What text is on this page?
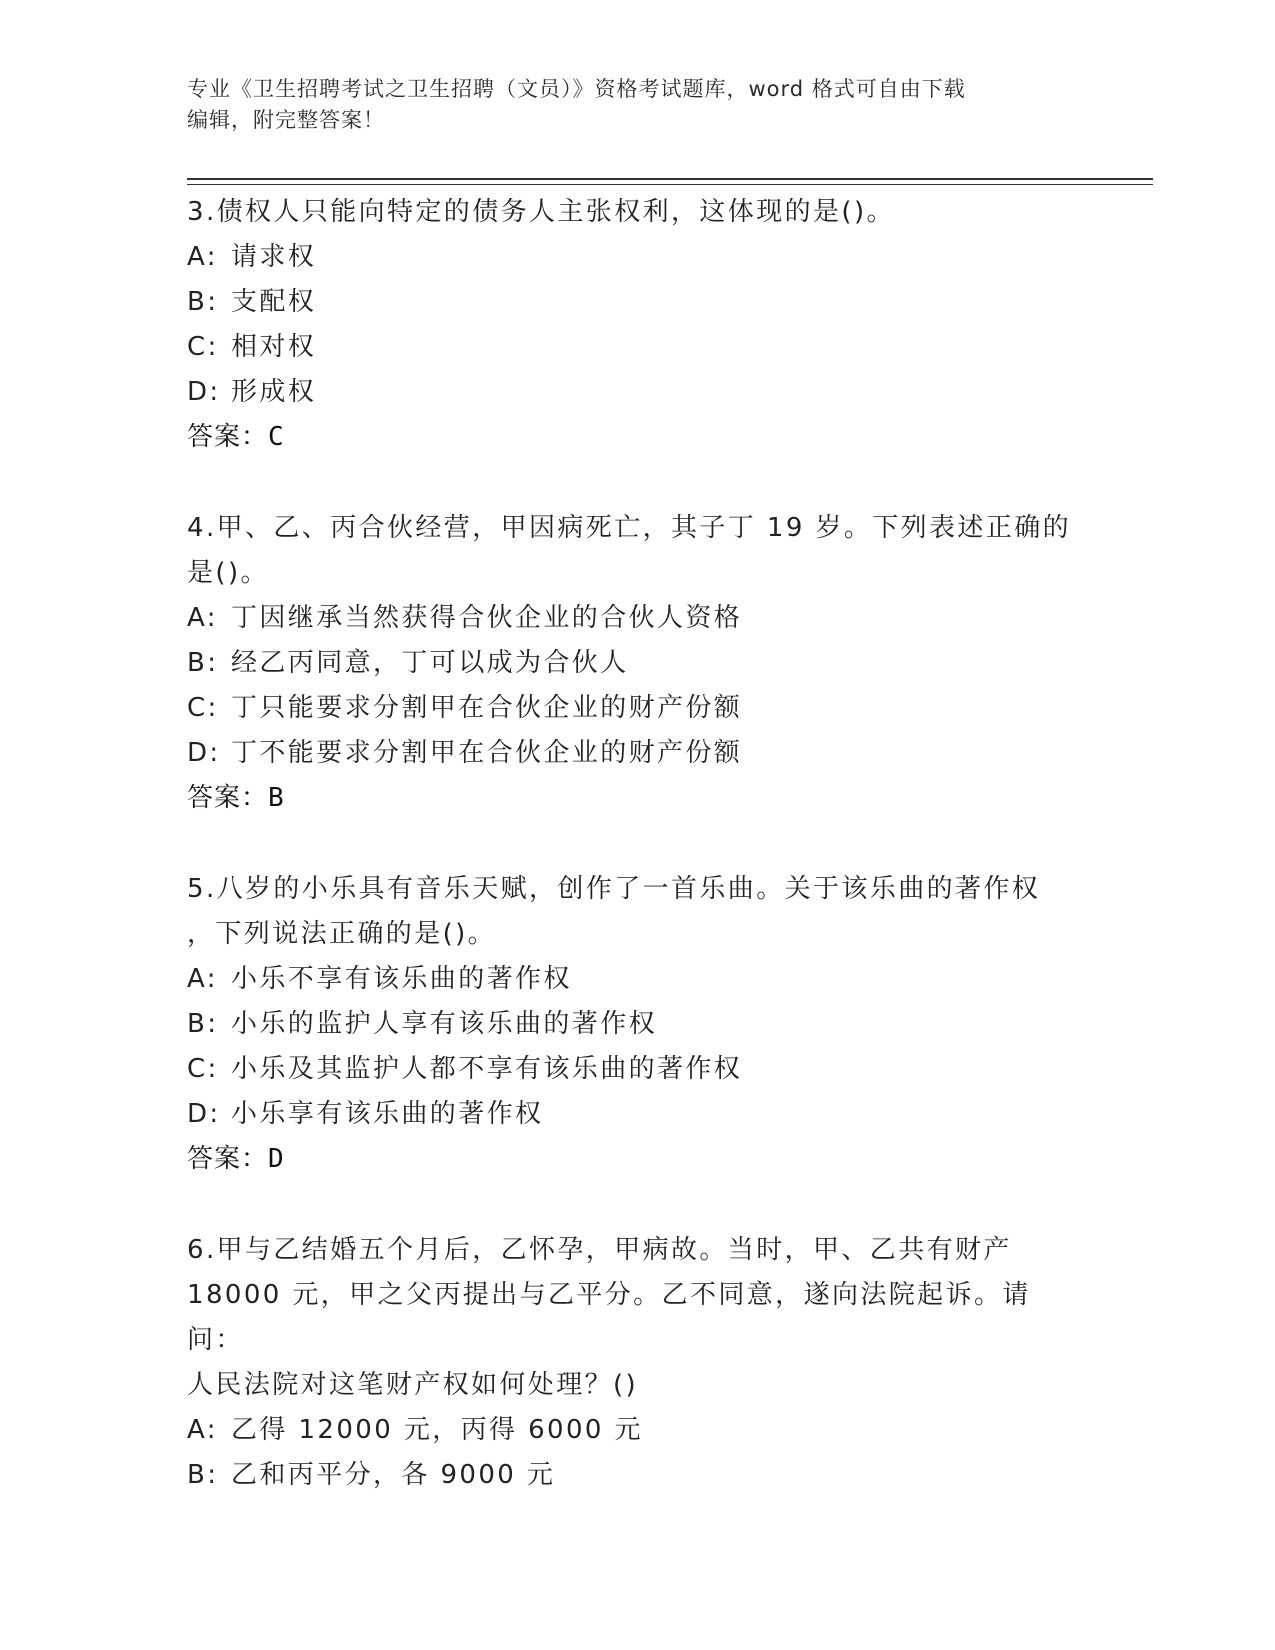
专业《卫生招聘考试之卫生招聘（文员）》资格考试题库，word 格式可自由下载
编辑，附完整答案！
3.债权人只能向特定的债务人主张权利，这体现的是()。
A: 请求权
B: 支配权
C: 相对权
D: 形成权
答案：C
4.甲、乙、丙合伙经营，甲因病死亡，其子丁 19 岁。下列表述正确的
是()。
A: 丁因继承当然获得合伙企业的合伙人资格
B: 经乙丙同意，丁可以成为合伙人
C: 丁只能要求分割甲在合伙企业的财产份额
D: 丁不能要求分割甲在合伙企业的财产份额
答案：B
5.八岁的小乐具有音乐天赋，创作了一首乐曲。关于该乐曲的著作权
，下列说法正确的是()。
A: 小乐不享有该乐曲的著作权
B: 小乐的监护人享有该乐曲的著作权
C: 小乐及其监护人都不享有该乐曲的著作权
D: 小乐享有该乐曲的著作权
答案：D
6.甲与乙结婚五个月后，乙怀孕，甲病故。当时，甲、乙共有财产
18000 元，甲之父丙提出与乙平分。乙不同意，遂向法院起诉。请问：
人民法院对这笔财产权如何处理？()
A: 乙得 12000 元，丙得 6000 元
B: 乙和丙平分，各 9000 元
